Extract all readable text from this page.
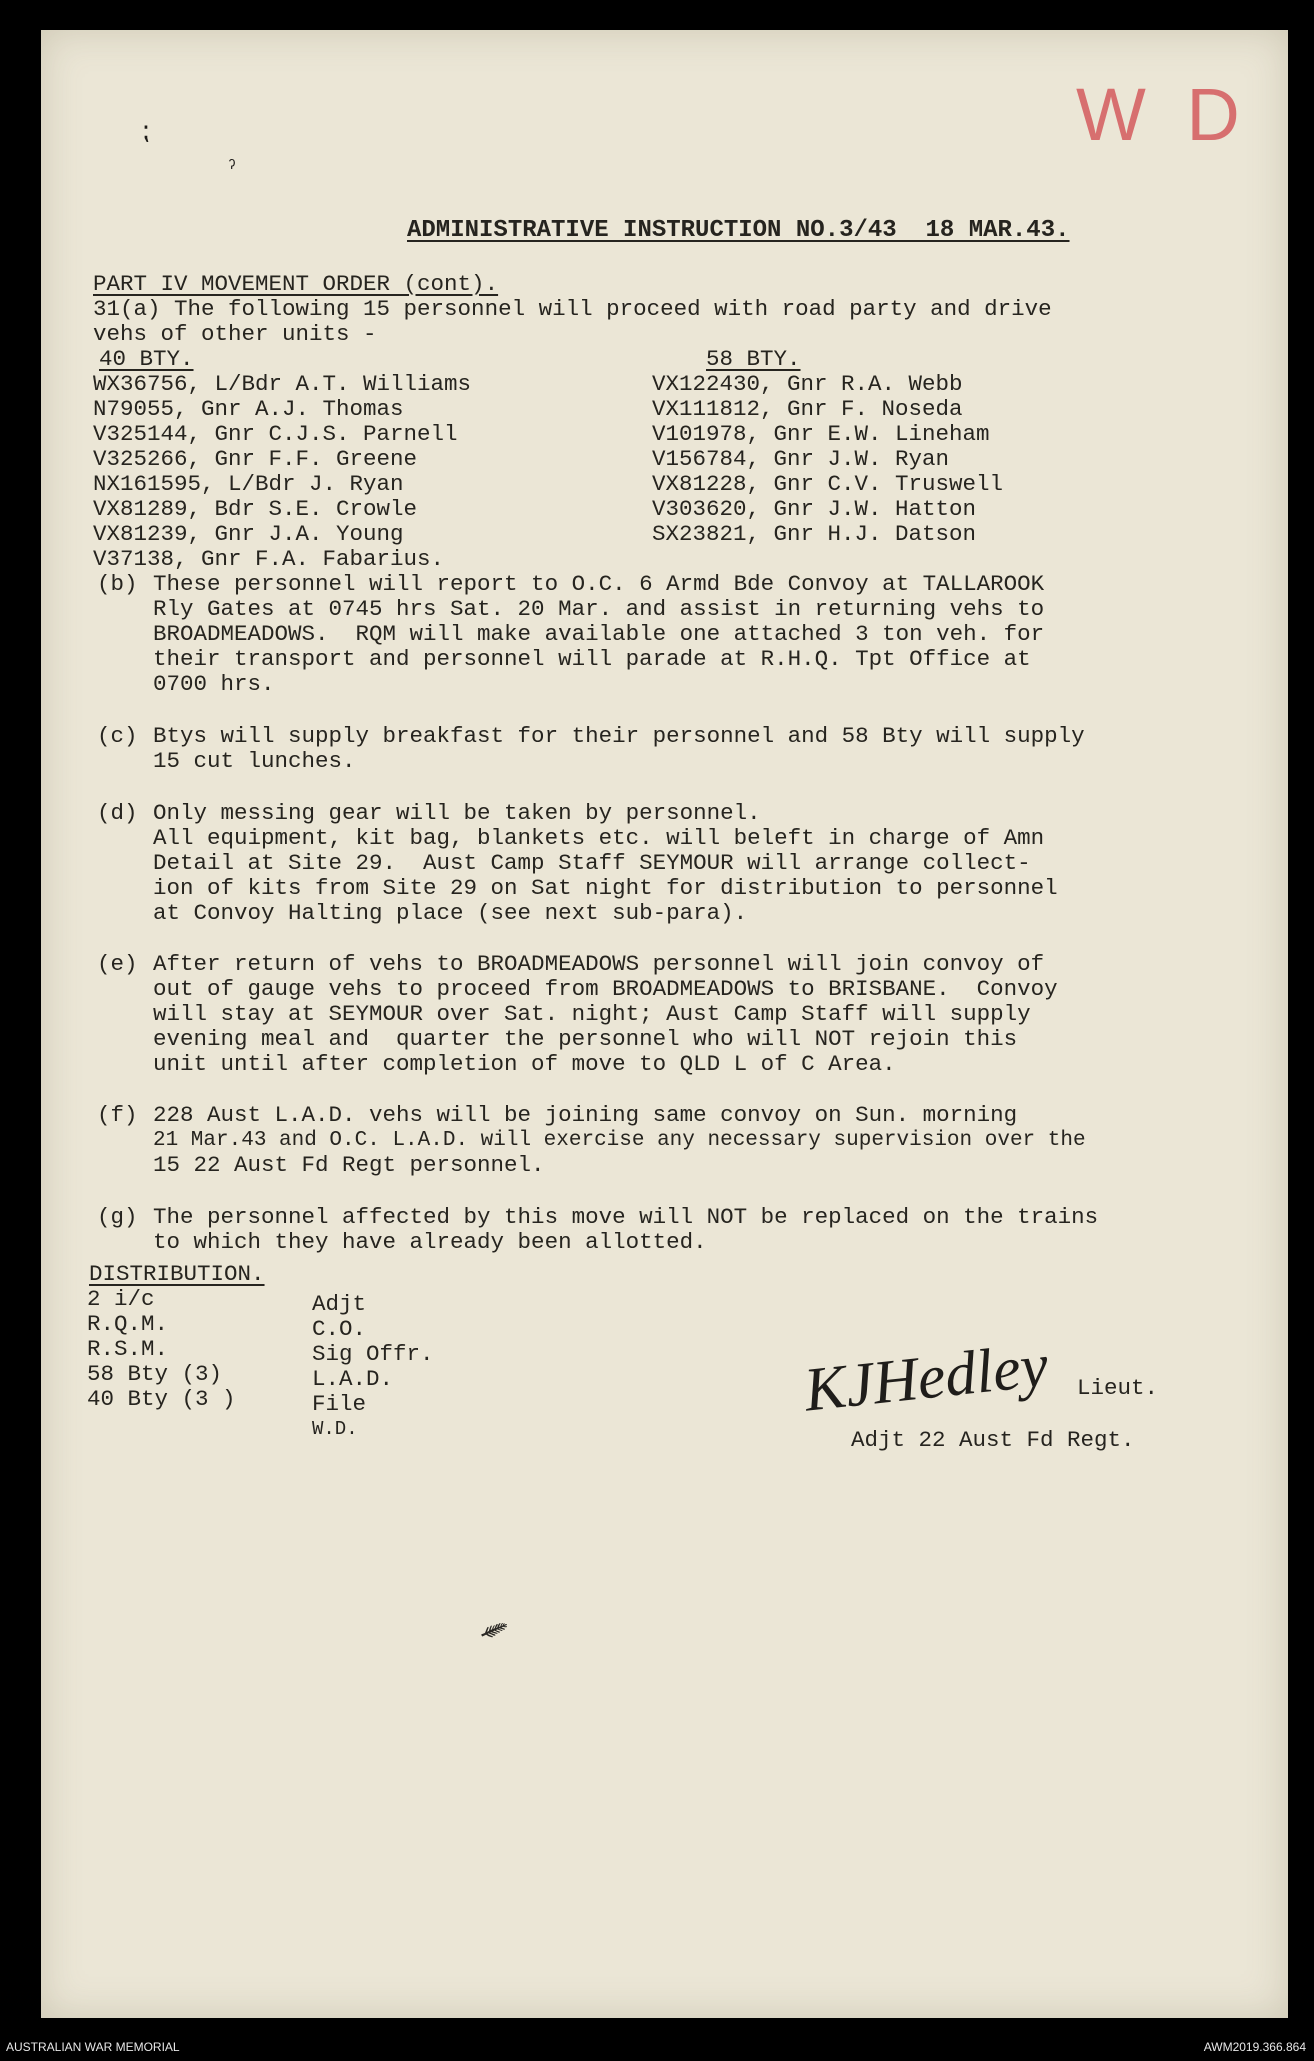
⁏
ˀ
W D
ADMINISTRATIVE INSTRUCTION NO.3/43  18 MAR.43.
PART IV MOVEMENT ORDER (cont).
31(a) The following 15 personnel will proceed with road party and drive
vehs of other units -
40 BTY.
WX36756, L/Bdr A.T. Williams
N79055, Gnr A.J. Thomas
V325144, Gnr C.J.S. Parnell
V325266, Gnr F.F. Greene
NX161595, L/Bdr J. Ryan
VX81289, Bdr S.E. Crowle
VX81239, Gnr J.A. Young
V37138, Gnr F.A. Fabarius.
58 BTY.
VX122430, Gnr R.A. Webb
VX111812, Gnr F. Noseda
V101978, Gnr E.W. Lineham
V156784, Gnr J.W. Ryan
VX81228, Gnr C.V. Truswell
V303620, Gnr J.W. Hatton
SX23821, Gnr H.J. Datson
(b) These personnel will report to O.C. 6 Armd Bde Convoy at TALLAROOK
Rly Gates at 0745 hrs Sat. 20 Mar. and assist in returning vehs to
BROADMEADOWS.  RQM will make available one attached 3 ton veh. for
their transport and personnel will parade at R.H.Q. Tpt Office at
0700 hrs.
(c) Btys will supply breakfast for their personnel and 58 Bty will supply
15 cut lunches.
(d) Only messing gear will be taken by personnel.
All equipment, kit bag, blankets etc. will beleft in charge of Amn
Detail at Site 29.  Aust Camp Staff SEYMOUR will arrange collect-
ion of kits from Site 29 on Sat night for distribution to personnel
at Convoy Halting place (see next sub-para).
(e) After return of vehs to BROADMEADOWS personnel will join convoy of
out of gauge vehs to proceed from BROADMEADOWS to BRISBANE.  Convoy
will stay at SEYMOUR over Sat. night; Aust Camp Staff will supply
evening meal and  quarter the personnel who will NOT rejoin this
unit until after completion of move to QLD L of C Area.
(f) 228 Aust L.A.D. vehs will be joining same convoy on Sun. morning
21 Mar.43 and O.C. L.A.D. will exercise any necessary supervision over the
15 22 Aust Fd Regt personnel.
(g) The personnel affected by this move will NOT be replaced on the trains
to which they have already been allotted.
DISTRIBUTION.
2 i/c
R.Q.M.
R.S.M.
58 Bty (3)
40 Bty (3 )
Adjt
C.O.
Sig Offr.
L.A.D.
File
W.D.
KJHedley Lieut.
Adjt 22 Aust Fd Regt.
⸙
AUSTRALIAN WAR MEMORIAL	AWM2019.366.864
